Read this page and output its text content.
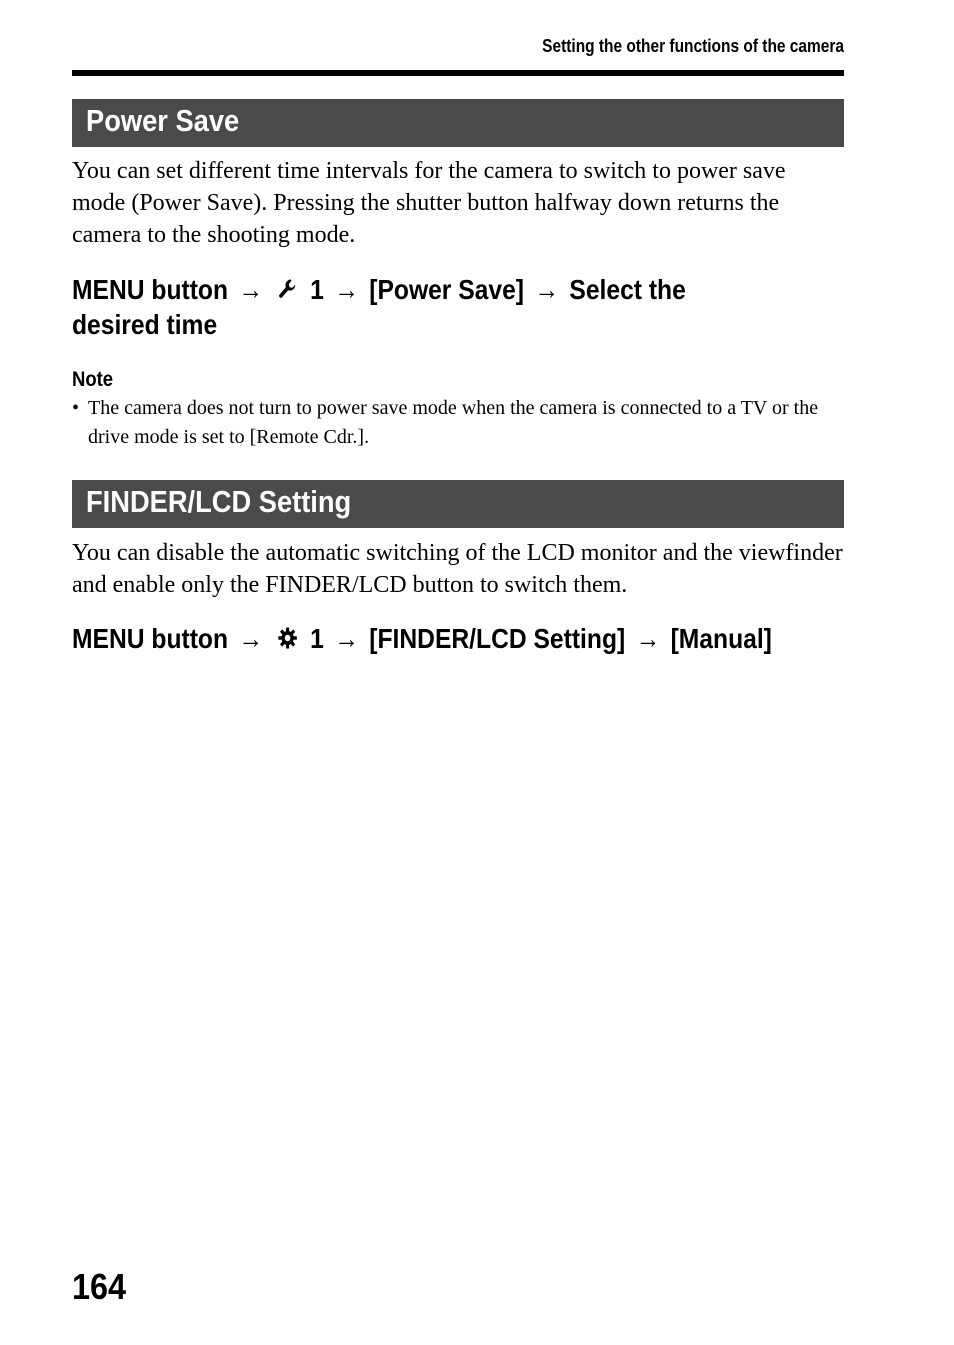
Setting the other functions of the camera
Power Save
You can set different time intervals for the camera to switch to power save mode (Power Save). Pressing the shutter button halfway down returns the camera to the shooting mode.
MENU button → 1 → [Power Save] → Select the desired time
Note
• The camera does not turn to power save mode when the camera is connected to a TV or the drive mode is set to [Remote Cdr.].
FINDER/LCD Setting
You can disable the automatic switching of the LCD monitor and the viewfinder and enable only the FINDER/LCD button to switch them.
MENU button → 1 → [FINDER/LCD Setting] → [Manual]
164
